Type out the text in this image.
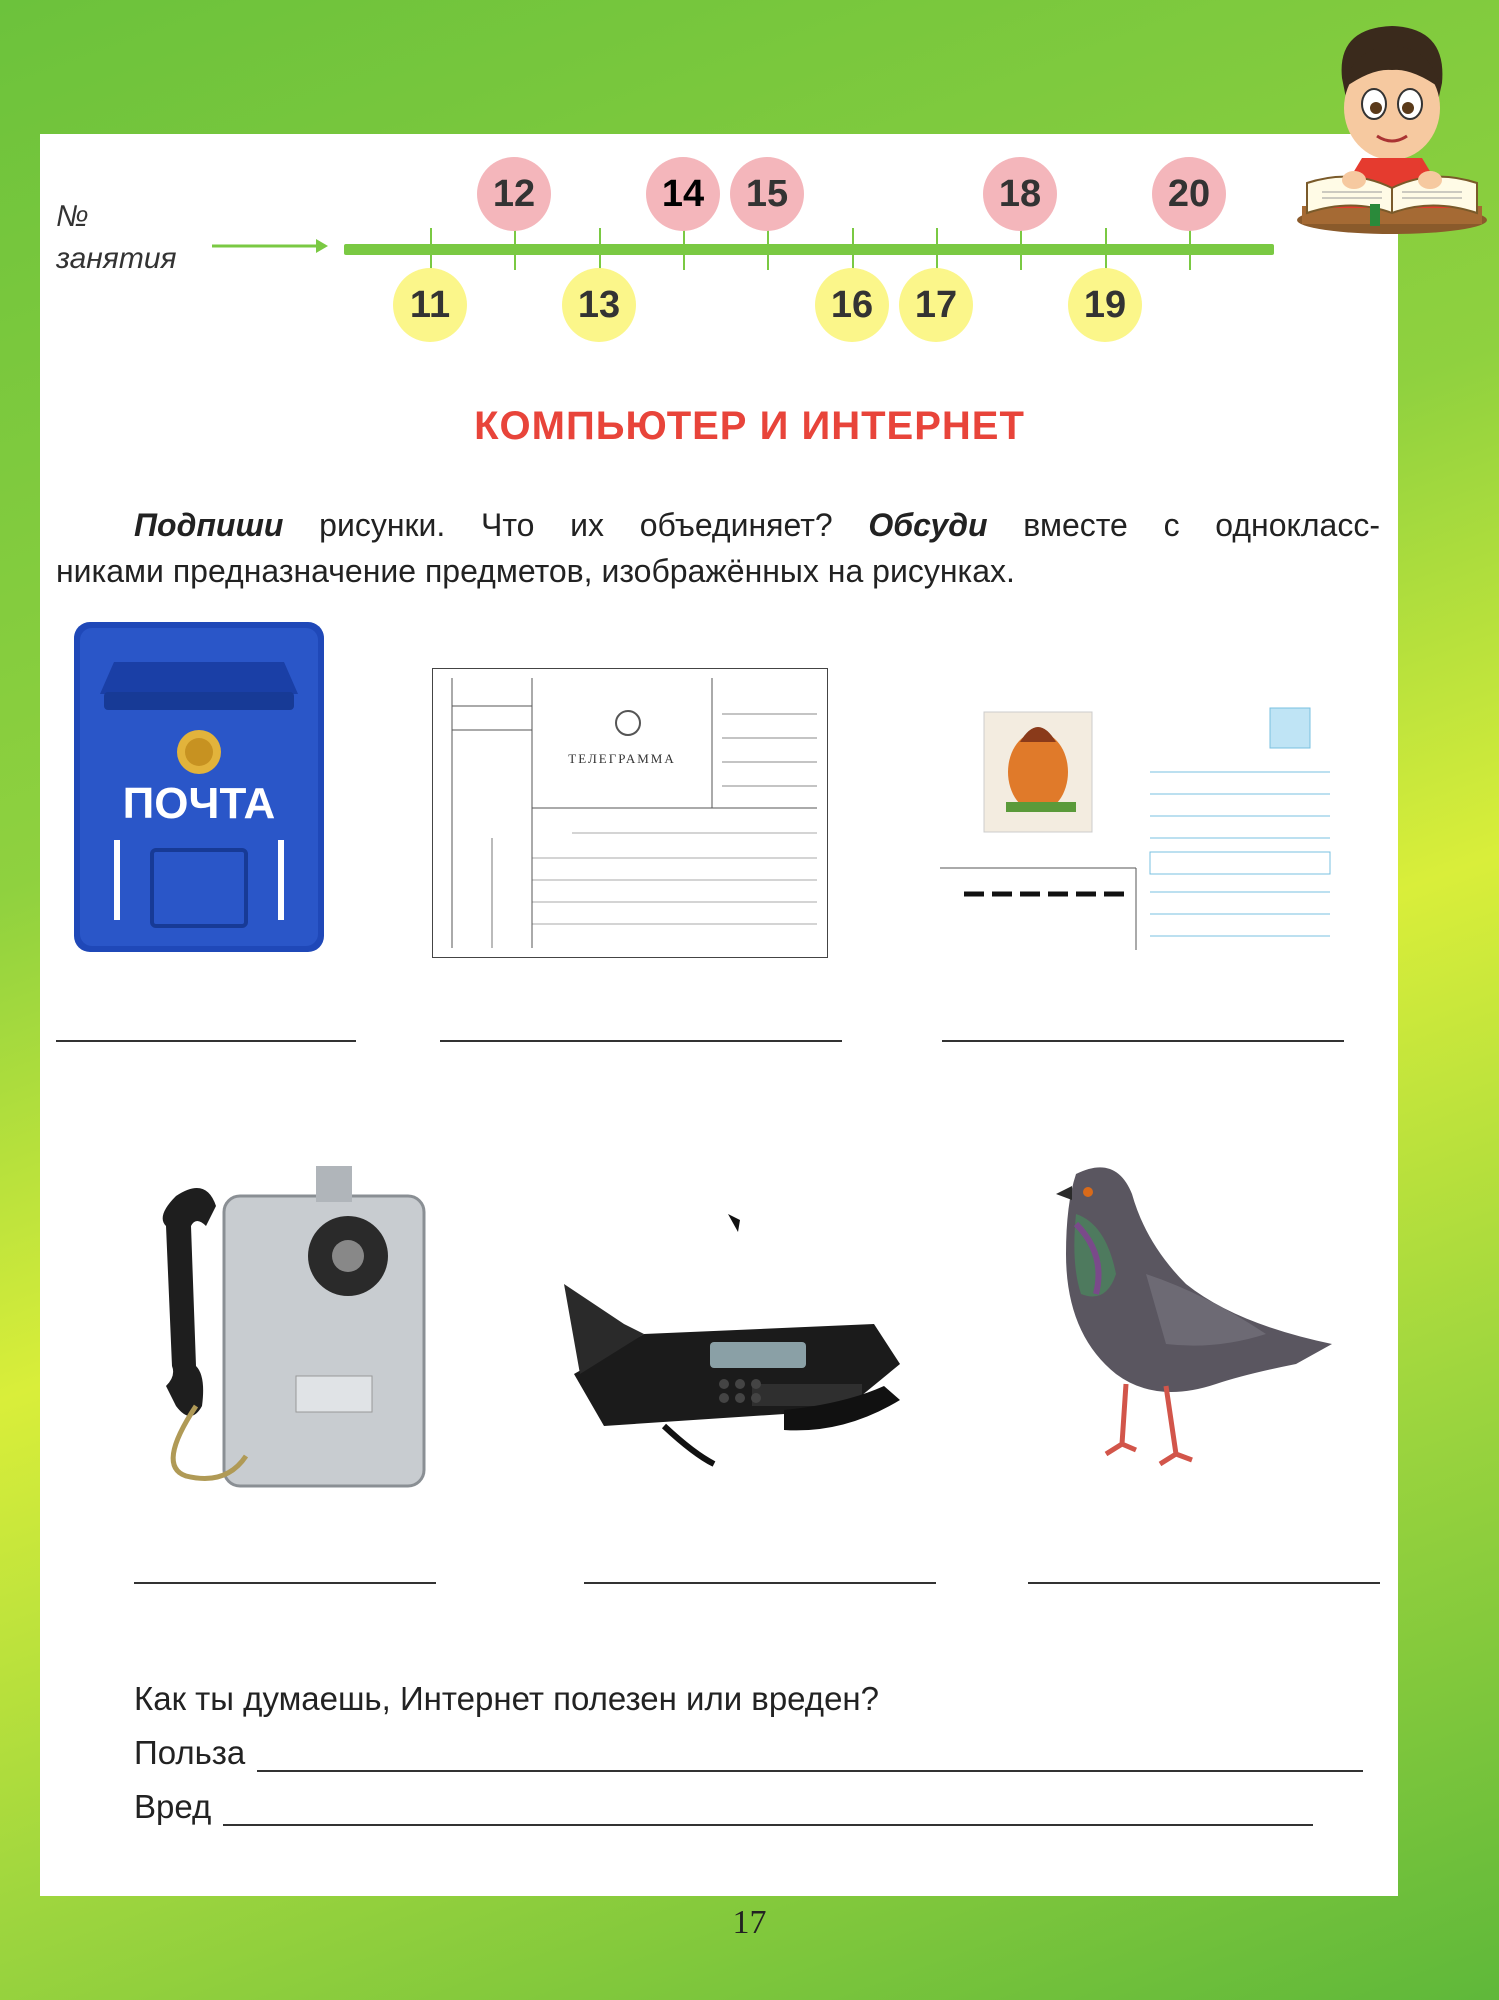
№
занятия
12	14	15	18	20
11	13	16	17	19
КОМПЬЮТЕР И ИНТЕРНЕТ
Подпиши рисунки. Что их объединяет? Обсуди вместе с однокласс-
никами предназначение предметов, изображённых на рисунках.
ПОЧТА
ТЕЛЕГРАММА
Как ты думаешь, Интернет полезен или вреден?
Польза
Вред
17
